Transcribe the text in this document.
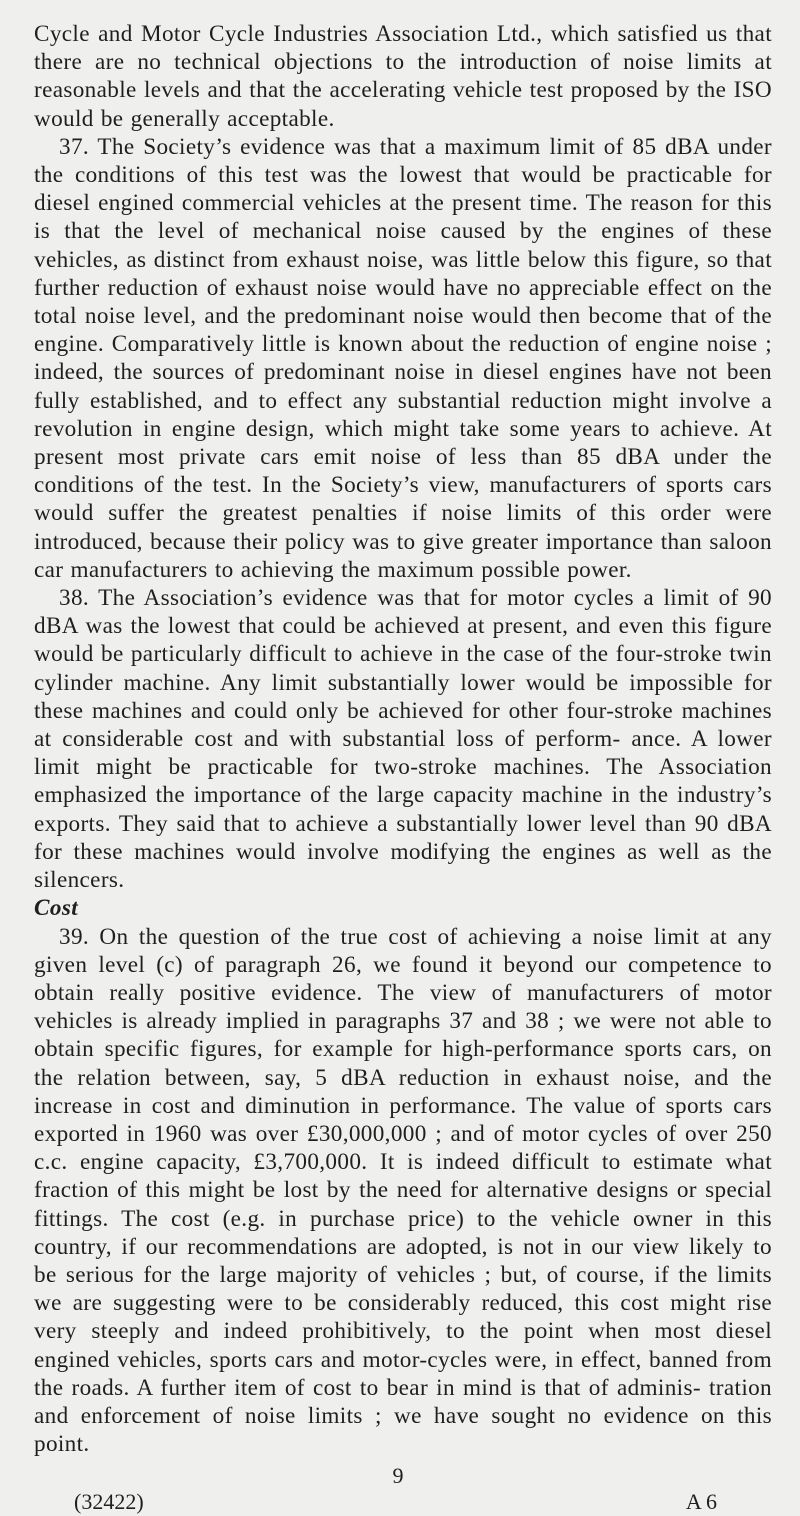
Cycle and Motor Cycle Industries Association Ltd., which satisfied us that there are no technical objections to the introduction of noise limits at reasonable levels and that the accelerating vehicle test proposed by the ISO would be generally acceptable.

37. The Society’s evidence was that a maximum limit of 85 dBA under the conditions of this test was the lowest that would be practicable for diesel engined commercial vehicles at the present time. The reason for this is that the level of mechanical noise caused by the engines of these vehicles, as distinct from exhaust noise, was little below this figure, so that further reduction of exhaust noise would have no appreciable effect on the total noise level, and the predominant noise would then become that of the engine. Comparatively little is known about the reduction of engine noise ; indeed, the sources of predominant noise in diesel engines have not been fully established, and to effect any substantial reduction might involve a revolution in engine design, which might take some years to achieve. At present most private cars emit noise of less than 85 dBA under the conditions of the test. In the Society’s view, manufacturers of sports cars would suffer the greatest penalties if noise limits of this order were introduced, because their policy was to give greater importance than saloon car manufacturers to achieving the maximum possible power.

38. The Association’s evidence was that for motor cycles a limit of 90 dBA was the lowest that could be achieved at present, and even this figure would be particularly difficult to achieve in the case of the four-stroke twin cylinder machine. Any limit substantially lower would be impossible for these machines and could only be achieved for other four-stroke machines at considerable cost and with substantial loss of perform- ance. A lower limit might be practicable for two-stroke machines. The Association emphasized the importance of the large capacity machine in the industry’s exports. They said that to achieve a substantially lower level than 90 dBA for these machines would involve modifying the engines as well as the silencers.

Cost

39. On the question of the true cost of achieving a noise limit at any given level (c) of paragraph 26, we found it beyond our competence to obtain really positive evidence. The view of manufacturers of motor vehicles is already implied in paragraphs 37 and 38 ; we were not able to obtain specific figures, for example for high-performance sports cars, on the relation between, say, 5 dBA reduction in exhaust noise, and the increase in cost and diminution in performance. The value of sports cars exported in 1960 was over £30,000,000 ; and of motor cycles of over 250 c.c. engine capacity, £3,700,000. It is indeed difficult to estimate what fraction of this might be lost by the need for alternative designs or special fittings. The cost (e.g. in purchase price) to the vehicle owner in this country, if our recommendations are adopted, is not in our view likely to be serious for the large majority of vehicles ; but, of course, if the limits we are suggesting were to be considerably reduced, this cost might rise very steeply and indeed prohibitively, to the point when most diesel engined vehicles, sports cars and motor-cycles were, in effect, banned from the roads. A further item of cost to bear in mind is that of adminis- tration and enforcement of noise limits ; we have sought no evidence on this point.

9
(32422)	A 6
